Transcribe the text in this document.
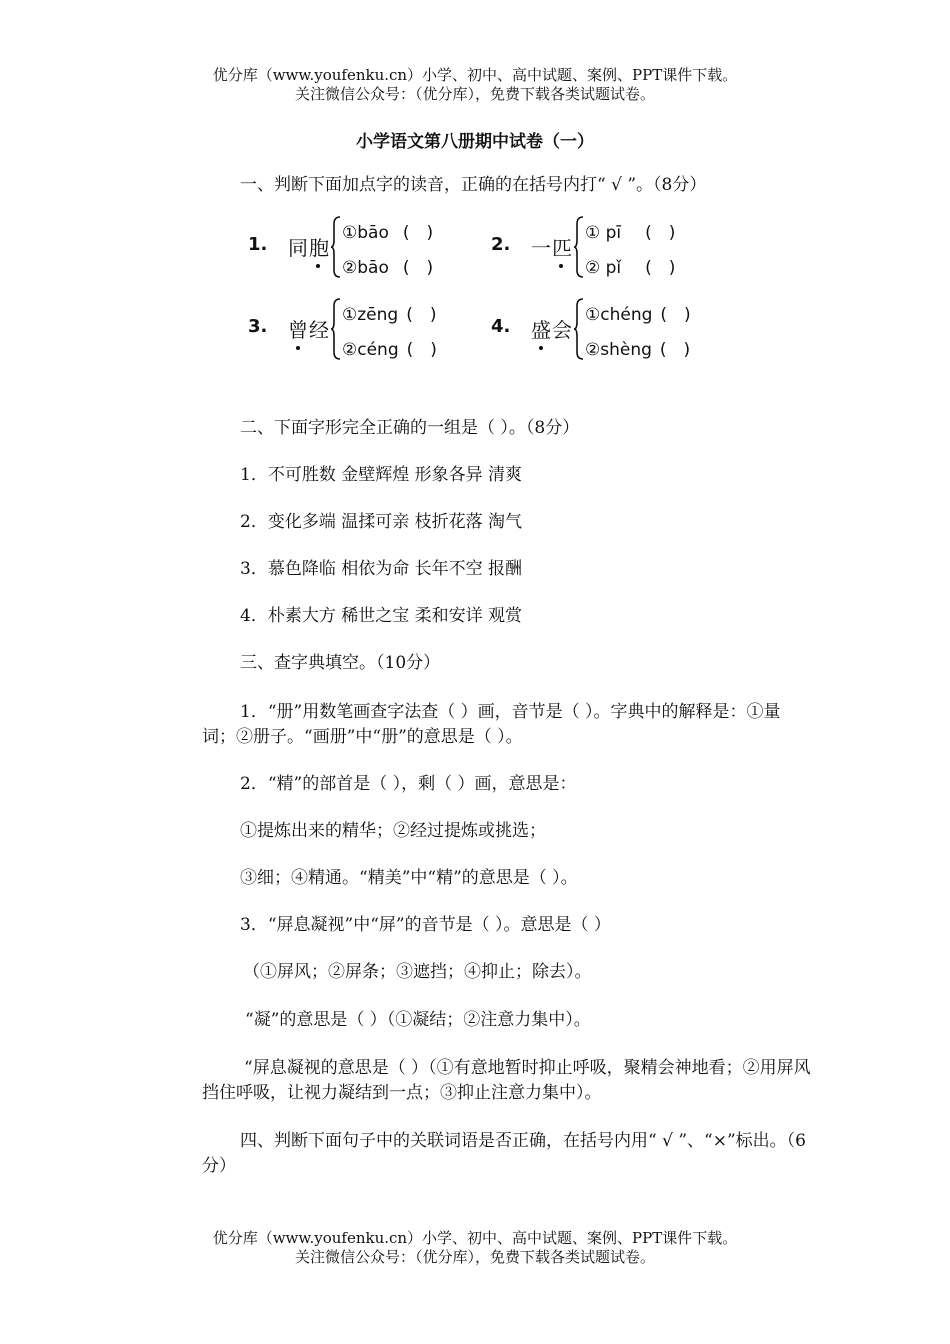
优分库（www.youfenku.cn）小学、初中、高中试题、案例、PPT课件下载。
关注微信公众号：（优分库），免费下载各类试题试卷。
小学语文第八册期中试卷（一）
一、判断下面加点字的读音，正确的在括号内打“ √ ”。（8分）
1. 同胞
①bāo (　)
②bāo (　)
2. 一匹
① pī (　)
② pǐ (　)
3. 曾经
①zēng (　)
②céng (　)
4. 盛会
①chéng (　)
②shèng (　)
二、下面字形完全正确的一组是（ ）。（8分）
1．不可胜数 金壁辉煌 形象各异 清爽
2．变化多端 温揉可亲 枝折花落 淘气
3．慕色降临 相依为命 长年不空 报酬
4．朴素大方 稀世之宝 柔和安详 观赏
三、查字典填空。（10分）
1．“册”用数笔画查字法查（ ）画，音节是（ ）。字典中的解释是：①量词；②册子。“画册”中“册”的意思是（ ）。
2．“精”的部首是（ ），剩（ ）画，意思是：
①提炼出来的精华；②经过提炼或挑选；
③细；④精通。“精美”中“精”的意思是（ ）。
3．“屏息凝视”中“屏”的音节是（ ）。意思是（ ）
（①屏风；②屏条；③遮挡；④抑止；除去）。
“凝”的意思是（ ）（①凝结；②注意力集中）。
“屏息凝视的意思是（ ）（①有意地暂时抑止呼吸，聚精会神地看；②用屏风挡住呼吸，让视力凝结到一点；③抑止注意力集中）。
四、判断下面句子中的关联词语是否正确，在括号内用“ √ ”、“×”标出。（6分）
优分库（www.youfenku.cn）小学、初中、高中试题、案例、PPT课件下载。
关注微信公众号：（优分库），免费下载各类试题试卷。
